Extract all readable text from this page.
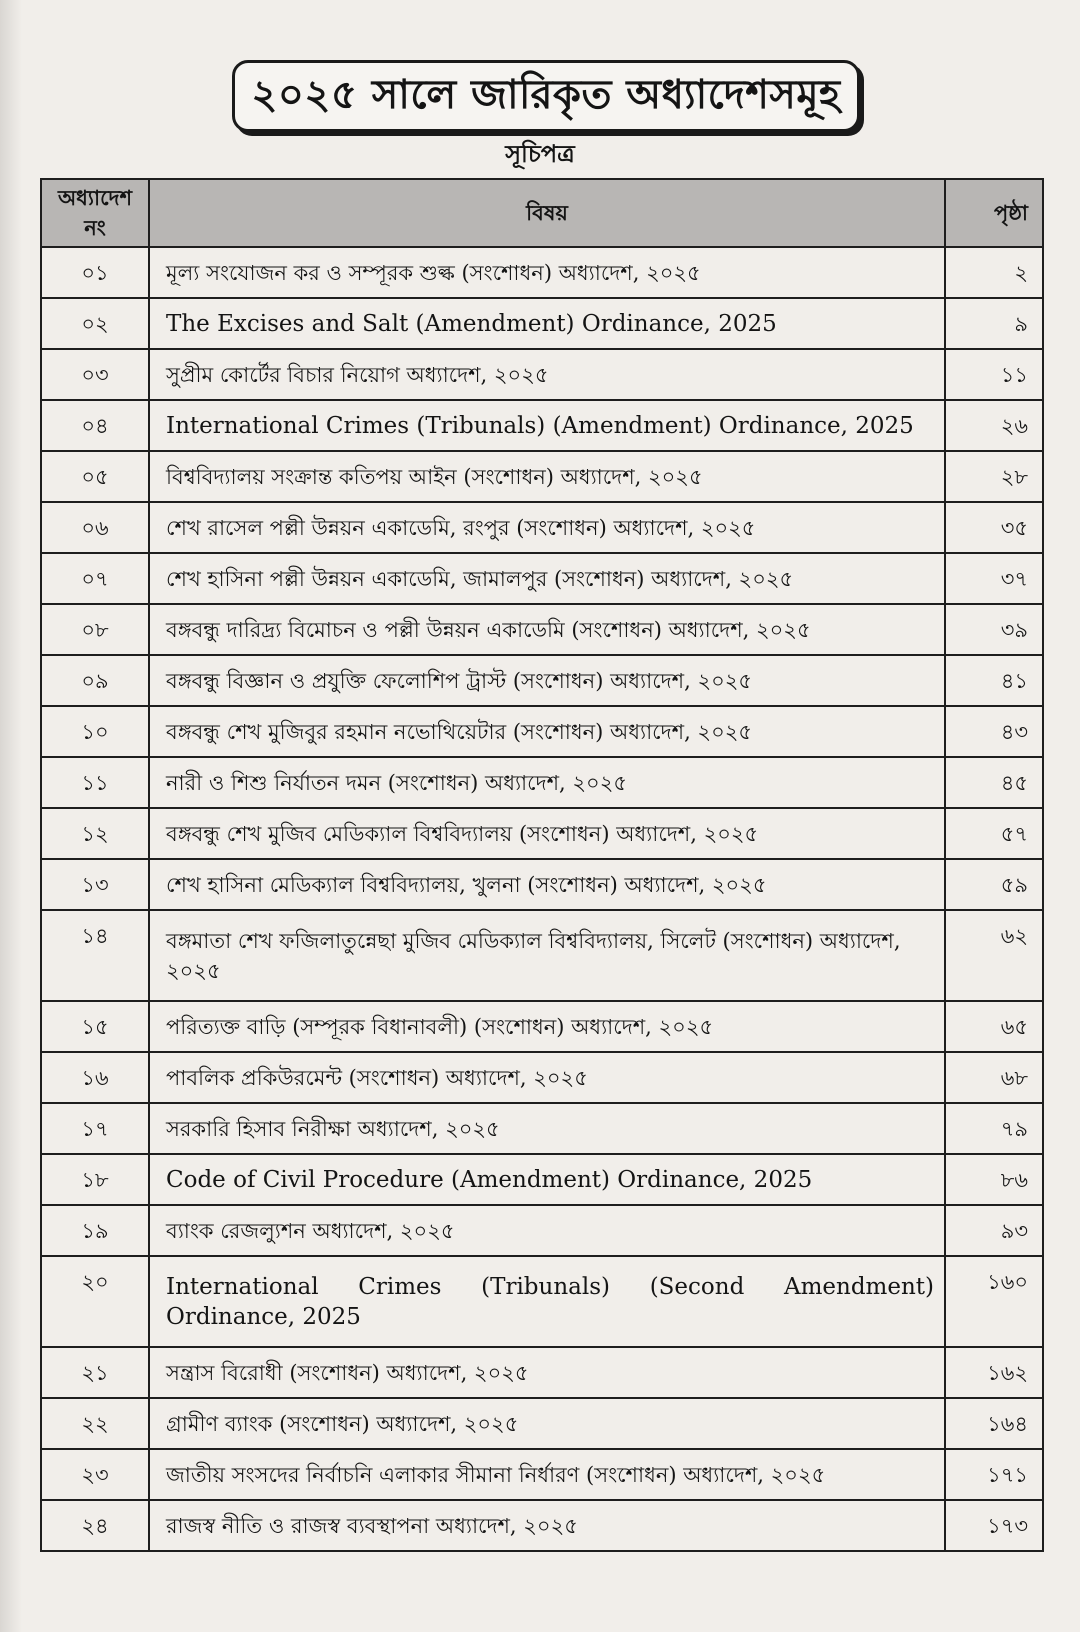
২০২৫ সালে জারিকৃত অধ্যাদেশসমূহ
সূচিপত্র
অধ্যাদেশ নং	বিষয়	পৃষ্ঠা
০১	মূল্য সংযোজন কর ও সম্পূরক শুল্ক (সংশোধন) অধ্যাদেশ, ২০২৫	২
০২	The Excises and Salt (Amendment) Ordinance, 2025	৯
০৩	সুপ্রীম কোর্টের বিচার নিয়োগ অধ্যাদেশ, ২০২৫	১১
০৪	International Crimes (Tribunals) (Amendment) Ordinance, 2025	২৬
০৫	বিশ্ববিদ্যালয় সংক্রান্ত কতিপয় আইন (সংশোধন) অধ্যাদেশ, ২০২৫	২৮
০৬	শেখ রাসেল পল্লী উন্নয়ন একাডেমি, রংপুর (সংশোধন) অধ্যাদেশ, ২০২৫	৩৫
০৭	শেখ হাসিনা পল্লী উন্নয়ন একাডেমি, জামালপুর (সংশোধন) অধ্যাদেশ, ২০২৫	৩৭
০৮	বঙ্গবন্ধু দারিদ্র্য বিমোচন ও পল্লী উন্নয়ন একাডেমি (সংশোধন) অধ্যাদেশ, ২০২৫	৩৯
০৯	বঙ্গবন্ধু বিজ্ঞান ও প্রযুক্তি ফেলোশিপ ট্রাস্ট (সংশোধন) অধ্যাদেশ, ২০২৫	৪১
১০	বঙ্গবন্ধু শেখ মুজিবুর রহমান নভোথিয়েটার (সংশোধন) অধ্যাদেশ, ২০২৫	৪৩
১১	নারী ও শিশু নির্যাতন দমন (সংশোধন) অধ্যাদেশ, ২০২৫	৪৫
১২	বঙ্গবন্ধু শেখ মুজিব মেডিক্যাল বিশ্ববিদ্যালয় (সংশোধন) অধ্যাদেশ, ২০২৫	৫৭
১৩	শেখ হাসিনা মেডিক্যাল বিশ্ববিদ্যালয়, খুলনা (সংশোধন) অধ্যাদেশ, ২০২৫	৫৯
১৪	বঙ্গমাতা শেখ ফজিলাতুন্নেছা মুজিব মেডিক্যাল বিশ্ববিদ্যালয়, সিলেট (সংশোধন) অধ্যাদেশ, ২০২৫	৬২
১৫	পরিত্যক্ত বাড়ি (সম্পূরক বিধানাবলী) (সংশোধন) অধ্যাদেশ, ২০২৫	৬৫
১৬	পাবলিক প্রকিউরমেন্ট (সংশোধন) অধ্যাদেশ, ২০২৫	৬৮
১৭	সরকারি হিসাব নিরীক্ষা অধ্যাদেশ, ২০২৫	৭৯
১৮	Code of Civil Procedure (Amendment) Ordinance, 2025	৮৬
১৯	ব্যাংক রেজল্যুশন অধ্যাদেশ, ২০২৫	৯৩
২০	International Crimes (Tribunals) (Second Amendment) Ordinance, 2025	১৬০
২১	সন্ত্রাস বিরোধী (সংশোধন) অধ্যাদেশ, ২০২৫	১৬২
২২	গ্রামীণ ব্যাংক (সংশোধন) অধ্যাদেশ, ২০২৫	১৬৪
২৩	জাতীয় সংসদের নির্বাচনি এলাকার সীমানা নির্ধারণ (সংশোধন) অধ্যাদেশ, ২০২৫	১৭১
২৪	রাজস্ব নীতি ও রাজস্ব ব্যবস্থাপনা অধ্যাদেশ, ২০২৫	১৭৩
